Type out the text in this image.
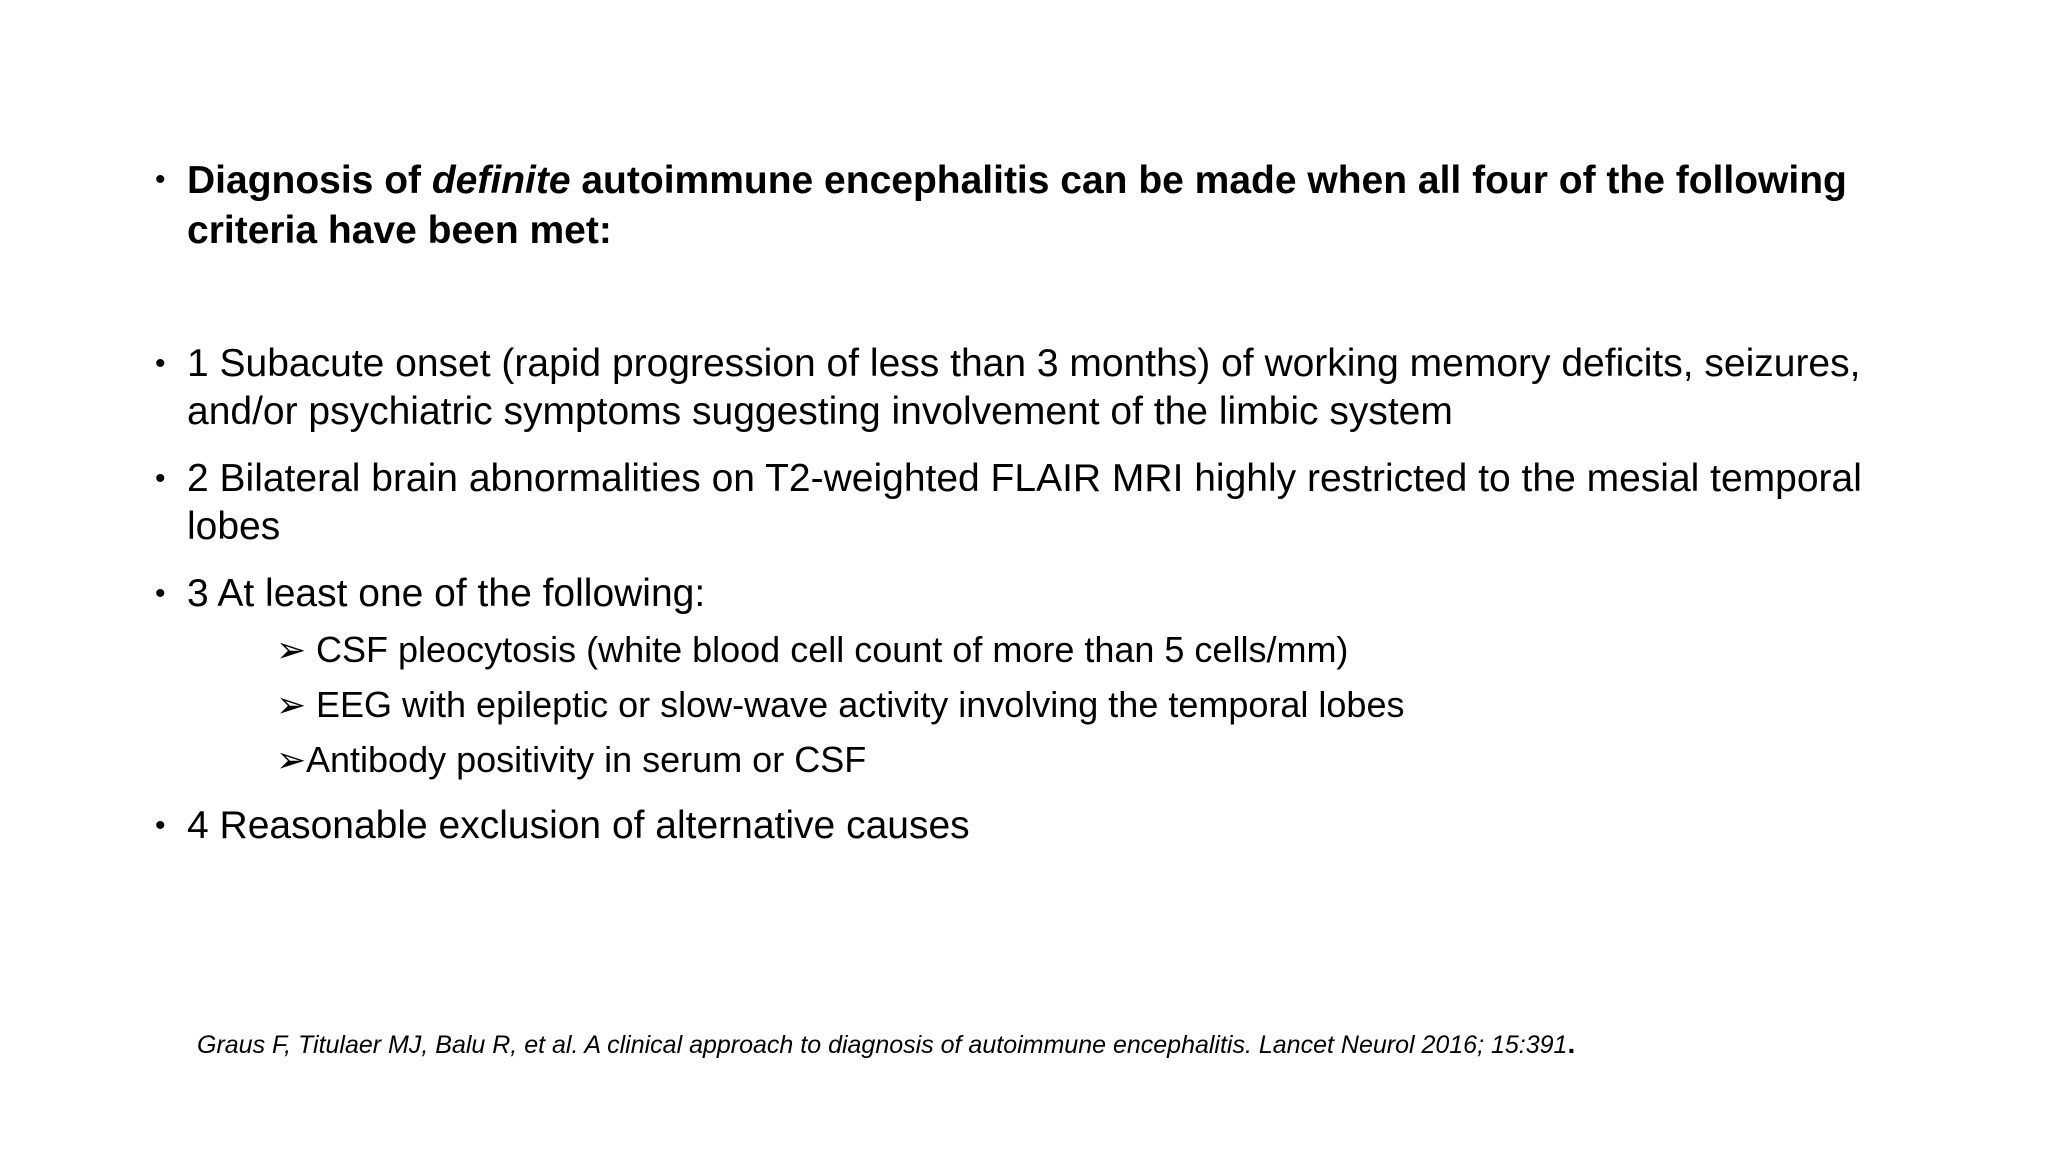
• Diagnosis of definite autoimmune encephalitis can be made when all four of the following criteria have been met:
• 1 Subacute onset (rapid progression of less than 3 months) of working memory deficits, seizures, and/or psychiatric symptoms suggesting involvement of the limbic system
• 2 Bilateral brain abnormalities on T2-weighted FLAIR MRI highly restricted to the mesial temporal lobes
• 3 At least one of the following:
➢ CSF pleocytosis (white blood cell count of more than 5 cells/mm)
➢ EEG with epileptic or slow-wave activity involving the temporal lobes
➢ Antibody positivity in serum or CSF
• 4 Reasonable exclusion of alternative causes
Graus F, Titulaer MJ, Balu R, et al. A clinical approach to diagnosis of autoimmune encephalitis. Lancet Neurol 2016; 15:391.
